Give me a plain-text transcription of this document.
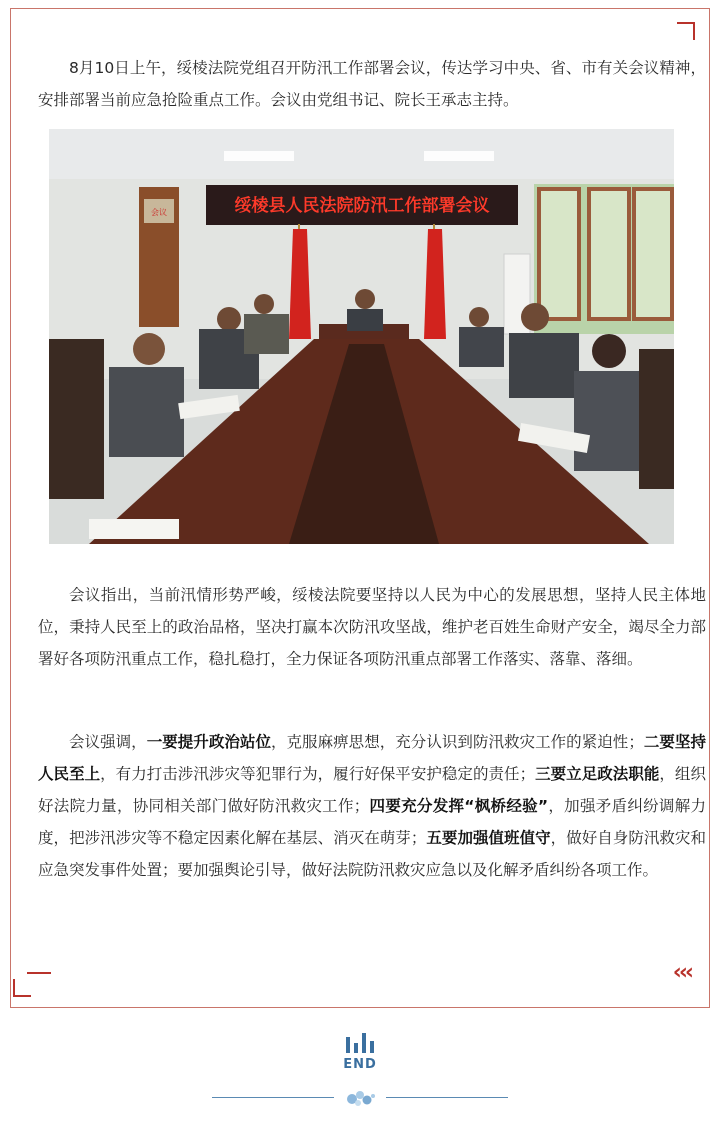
‹‹‹

8月10日上午，绥棱法院党组召开防汛工作部署会议，传达学习中央、省、市有关会议精神，安排部署当前应急抢险重点工作。会议由党组书记、院长王承志主持。

绥棱县人民法院防汛工作部署会议
会议

会议指出，当前汛情形势严峻，绥棱法院要坚持以人民为中心的发展思想，坚持人民主体地位，秉持人民至上的政治品格，坚决打赢本次防汛攻坚战，维护老百姓生命财产安全，竭尽全力部署好各项防汛重点工作，稳扎稳打，全力保证各项防汛重点部署工作落实、落靠、落细。

会议强调，一要提升政治站位，克服麻痹思想，充分认识到防汛救灾工作的紧迫性；二要坚持人民至上，有力打击涉汛涉灾等犯罪行为，履行好保平安护稳定的责任；三要立足政法职能，组织好法院力量，协同相关部门做好防汛救灾工作；四要充分发挥“枫桥经验”，加强矛盾纠纷调解力度，把涉汛涉灾等不稳定因素化解在基层、消灭在萌芽；五要加强值班值守，做好自身防汛救灾和应急突发事件处置；要加强舆论引导，做好法院防汛救灾应急以及化解矛盾纠纷各项工作。

END
